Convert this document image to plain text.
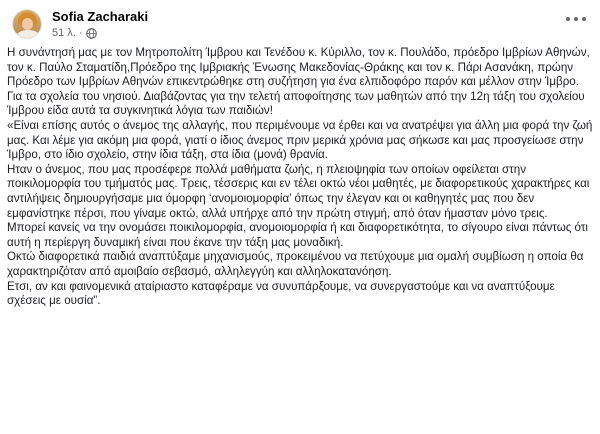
Sofia Zacharaki
51 λ. ·

Η συνάντησή μας με τον Μητροπολίτη Ίμβρου και Τενέδου κ. Κύριλλο, τον κ. Πουλάδο, πρόεδρο Ιμβρίων Αθηνών, τον κ. Παύλο Σταματίδη,Πρόεδρο της Ιμβριακής Ένωσης Μακεδονίας-Θράκης και τον κ. Πάρι Ασανάκη, πρώην Πρόεδρο των Ιμβρίων Αθηνών επικεντρώθηκε στη συζήτηση για ένα ελπιδοφόρο παρόν και μέλλον στην Ίμβρο. Για τα σχολεία του νησιού. Διαβάζοντας για την τελετή αποφοίτησης των μαθητών από την 12η τάξη του σχολείου Ίμβρου είδα αυτά τα συγκινητικά λόγια των παιδιών!

«Είναι επίσης αυτός ο άνεμος της αλλαγής, που περιμένουμε να έρθει και να ανατρέψει για άλλη μια φορά την ζωή μας. Και λέμε για ακόμη μια φορά, γιατί ο ίδιος άνεμος πριν μερικά χρόνια μας σήκωσε και μας προσγείωσε στην Ίμβρο, στο ίδιο σχολείο, στην ίδια τάξη, στα ίδια (μονά) θρανία.

Ηταν ο άνεμος, που μας προσέφερε πολλά μαθήματα ζωής, η πλειοψηφία των οποίων οφείλεται στην ποικιλομορφία του τμήματός μας. Τρεις, τέσσερις και εν τέλει οκτώ νέοι μαθητές, με διαφορετικούς χαρακτήρες και αντιλήψεις δημιουργήσαμε μια όμορφη ‘ανομοιομορφία’ όπως την έλεγαν και οι καθηγητές μας που δεν εμφανίστηκε πέρσι, που γίναμε οκτώ, αλλά υπήρχε από την πρώτη στιγμή, από όταν ήμασταν μόνο τρεις.

Μπορεί κανείς να την ονομάσει ποικιλομορφία, ανομοιομορφία ή και διαφορετικότητα, το σίγουρο είναι πάντως ότι αυτή η περίεργη δυναμική είναι που έκανε την τάξη μας μοναδική.

Οκτώ διαφορετικά παιδιά αναπτύξαμε μηχανισμούς, προκειμένου να πετύχουμε μια ομαλή συμβίωση η οποία θα χαρακτηριζόταν από αμοιβαίο σεβασμό, αλληλεγγύη και αλληλοκατανόηση.

Ετσι, αν και φαινομενικά αταίριαστο καταφέραμε να συνυπάρξουμε, να συνεργαστούμε και να αναπτύξουμε σχέσεις με ουσία”.
